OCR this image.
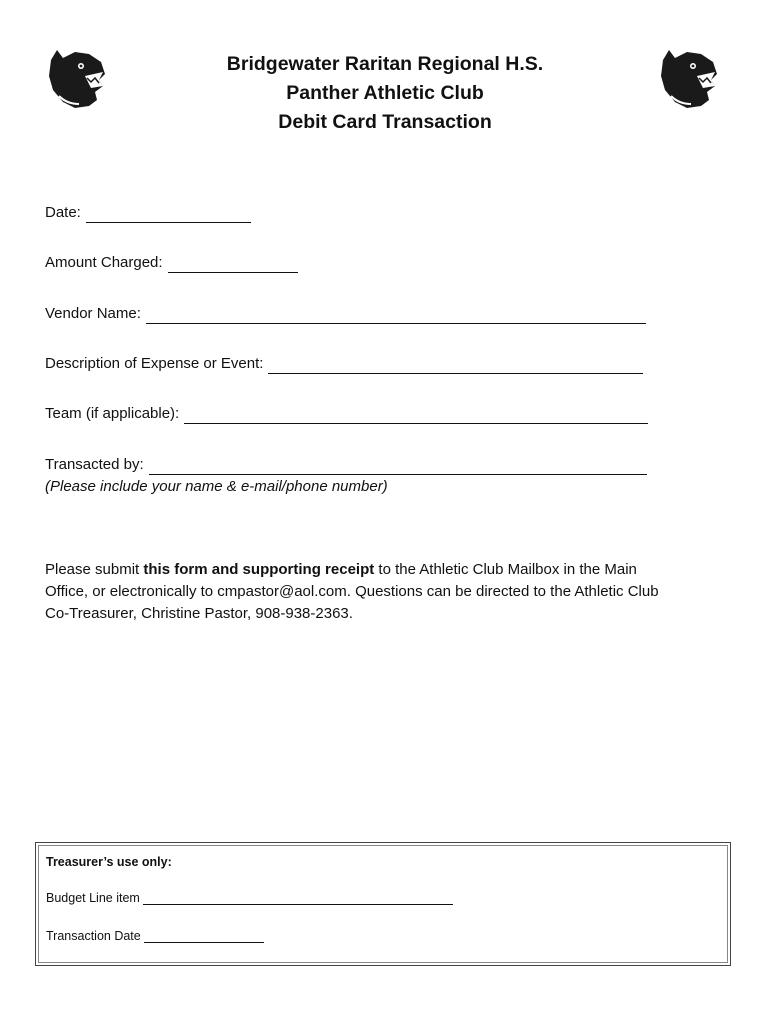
Bridgewater Raritan Regional H.S.
Panther Athletic Club
Debit Card Transaction
Date:
Amount Charged:
Vendor Name:
Description of Expense or Event:
Team (if applicable):
Transacted by:
(Please include your name & e-mail/phone number)

Please submit this form and supporting receipt to the Athletic Club Mailbox in the Main

Office, or electronically to cmpastor@aol.com. Questions can be directed to the Athletic Club

Co-Treasurer, Christine Pastor, 908-938-2363.

Treasurer’s use only:
Budget Line item
Transaction Date
